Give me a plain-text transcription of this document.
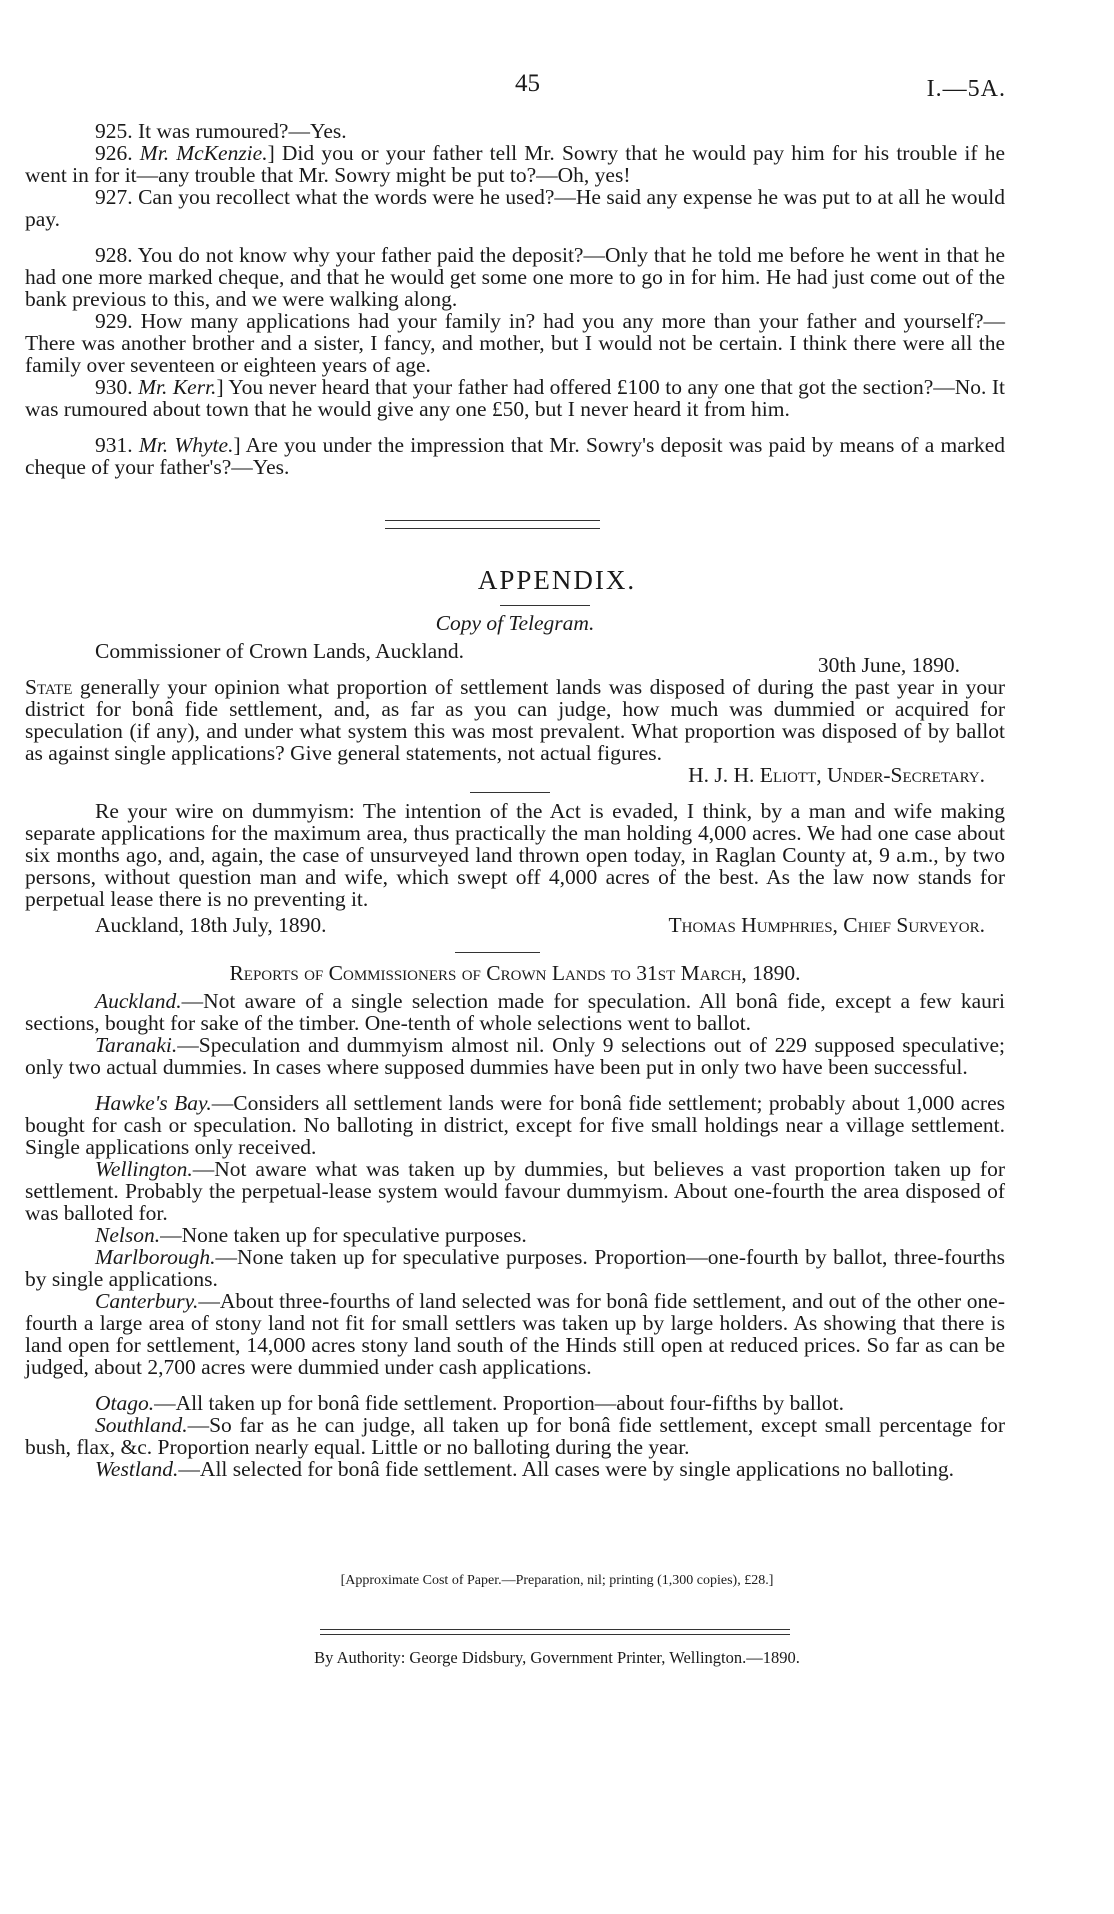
45	I.—5A.

925. It was rumoured?—Yes.

926. Mr. McKenzie.] Did you or your father tell Mr. Sowry that he would pay him for his trouble if he went in for it—any trouble that Mr. Sowry might be put to?—Oh, yes!

927. Can you recollect what the words were he used?—He said any expense he was put to at all he would pay.

928. You do not know why your father paid the deposit?—Only that he told me before he went in that he had one more marked cheque, and that he would get some one more to go in for him. He had just come out of the bank previous to this, and we were walking along.

929. How many applications had your family in? had you any more than your father and yourself?—There was another brother and a sister, I fancy, and mother, but I would not be certain. I think there were all the family over seventeen or eighteen years of age.

930. Mr. Kerr.] You never heard that your father had offered £100 to any one that got the section?—No. It was rumoured about town that he would give any one £50, but I never heard it from him.

931. Mr. Whyte.] Are you under the impression that Mr. Sowry's deposit was paid by means of a marked cheque of your father's?—Yes.

APPENDIX.

Copy of Telegram.

Commissioner of Crown Lands, Auckland.

30th June, 1890.

State generally your opinion what proportion of settlement lands was disposed of during the past year in your district for bonâ fide settlement, and, as far as you can judge, how much was dummied or acquired for speculation (if any), and under what system this was most prevalent. What proportion was disposed of by ballot as against single applications? Give general statements, not actual figures.

H. J. H. Eliott, Under-Secretary.

Re your wire on dummyism: The intention of the Act is evaded, I think, by a man and wife making separate applications for the maximum area, thus practically the man holding 4,000 acres. We had one case about six months ago, and, again, the case of unsurveyed land thrown open today, in Raglan County at, 9 a.m., by two persons, without question man and wife, which swept off 4,000 acres of the best. As the law now stands for perpetual lease there is no preventing it.

Auckland, 18th July, 1890.	Thomas Humphries, Chief Surveyor.

Reports of Commissioners of Crown Lands to 31st March, 1890.

Auckland.—Not aware of a single selection made for speculation. All bonâ fide, except a few kauri sections, bought for sake of the timber. One-tenth of whole selections went to ballot.

Taranaki.—Speculation and dummyism almost nil. Only 9 selections out of 229 supposed speculative; only two actual dummies. In cases where supposed dummies have been put in only two have been successful.

Hawke's Bay.—Considers all settlement lands were for bonâ fide settlement; probably about 1,000 acres bought for cash or speculation. No balloting in district, except for five small holdings near a village settlement. Single applications only received.

Wellington.—Not aware what was taken up by dummies, but believes a vast proportion taken up for settlement. Probably the perpetual-lease system would favour dummyism. About one-fourth the area disposed of was balloted for.

Nelson.—None taken up for speculative purposes.

Marlborough.—None taken up for speculative purposes. Proportion—one-fourth by ballot, three-fourths by single applications.

Canterbury.—About three-fourths of land selected was for bonâ fide settlement, and out of the other one-fourth a large area of stony land not fit for small settlers was taken up by large holders. As showing that there is land open for settlement, 14,000 acres stony land south of the Hinds still open at reduced prices. So far as can be judged, about 2,700 acres were dummied under cash applications.

Otago.—All taken up for bonâ fide settlement. Proportion—about four-fifths by ballot.

Southland.—So far as he can judge, all taken up for bonâ fide settlement, except small percentage for bush, flax, &c. Proportion nearly equal. Little or no balloting during the year.

Westland.—All selected for bonâ fide settlement. All cases were by single applications no balloting.

[Approximate Cost of Paper.—Preparation, nil; printing (1,300 copies), £28.]
By Authority: George Didsbury, Government Printer, Wellington.—1890.
